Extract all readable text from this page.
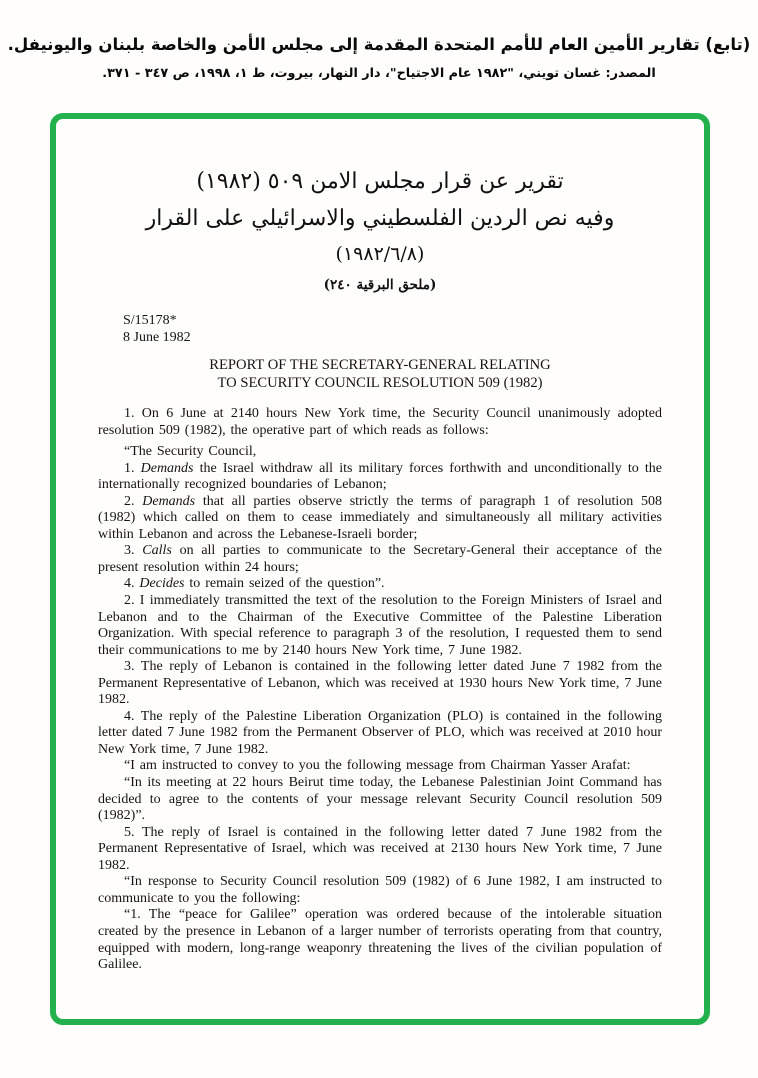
(تابع) تقارير الأمين العام للأمم المتحدة المقدمة إلى مجلس الأمن والخاصة بلبنان واليونيفل.
المصدر: غسان تويني، "١٩٨٢ عام الاجتياح"، دار النهار، بيروت، ط ١، ١٩٩٨، ص ٣٤٧ - ٣٧١.
تقرير عن قرار مجلس الامن ٥٠٩ (١٩٨٢)
وفيه نص الردين الفلسطيني والاسرائيلي على القرار
(١٩٨٢/٦/٨)
(ملحق البرقية ٢٤٠)
S/15178*
8 June 1982
REPORT OF THE SECRETARY-GENERAL RELATING
TO SECURITY COUNCIL RESOLUTION 509 (1982)

1. On 6 June at 2140 hours New York time, the Security Council unanimously adopted resolution 509 (1982), the operative part of which reads as follows:

“The Security Council,

1. Demands the Israel withdraw all its military forces forthwith and unconditionally to the internationally recognized boundaries of Lebanon;

2. Demands that all parties observe strictly the terms of paragraph 1 of resolution 508 (1982) which called on them to cease immediately and simultaneously all military activities within Lebanon and across the Lebanese-Israeli border;

3. Calls on all parties to communicate to the Secretary-General their acceptance of the present resolution within 24 hours;

4. Decides to remain seized of the question”.

2. I immediately transmitted the text of the resolution to the Foreign Ministers of Israel and Lebanon and to the Chairman of the Executive Committee of the Palestine Liberation Organization. With special reference to paragraph 3 of the resolution, I requested them to send their communications to me by 2140 hours New York time, 7 June 1982.

3. The reply of Lebanon is contained in the following letter dated June 7 1982 from the Permanent Representative of Lebanon, which was received at 1930 hours New York time, 7 June 1982.

4. The reply of the Palestine Liberation Organization (PLO) is contained in the following letter dated 7 June 1982 from the Permanent Observer of PLO, which was received at 2010 hour New York time, 7 June 1982.

“I am instructed to convey to you the following message from Chairman Yasser Arafat:

“In its meeting at 22 hours Beirut time today, the Lebanese Palestinian Joint Command has decided to agree to the contents of your message relevant Security Council resolution 509 (1982)”.

5. The reply of Israel is contained in the following letter dated 7 June 1982 from the Permanent Representative of Israel, which was received at 2130 hours New York time, 7 June 1982.

“In response to Security Council resolution 509 (1982) of 6 June 1982, I am instructed to communicate to you the following:

“1. The “peace for Galilee” operation was ordered because of the intolerable situation created by the presence in Lebanon of a larger number of terrorists operating from that country, equipped with modern, long-range weaponry threatening the lives of the civilian population of Galilee.
